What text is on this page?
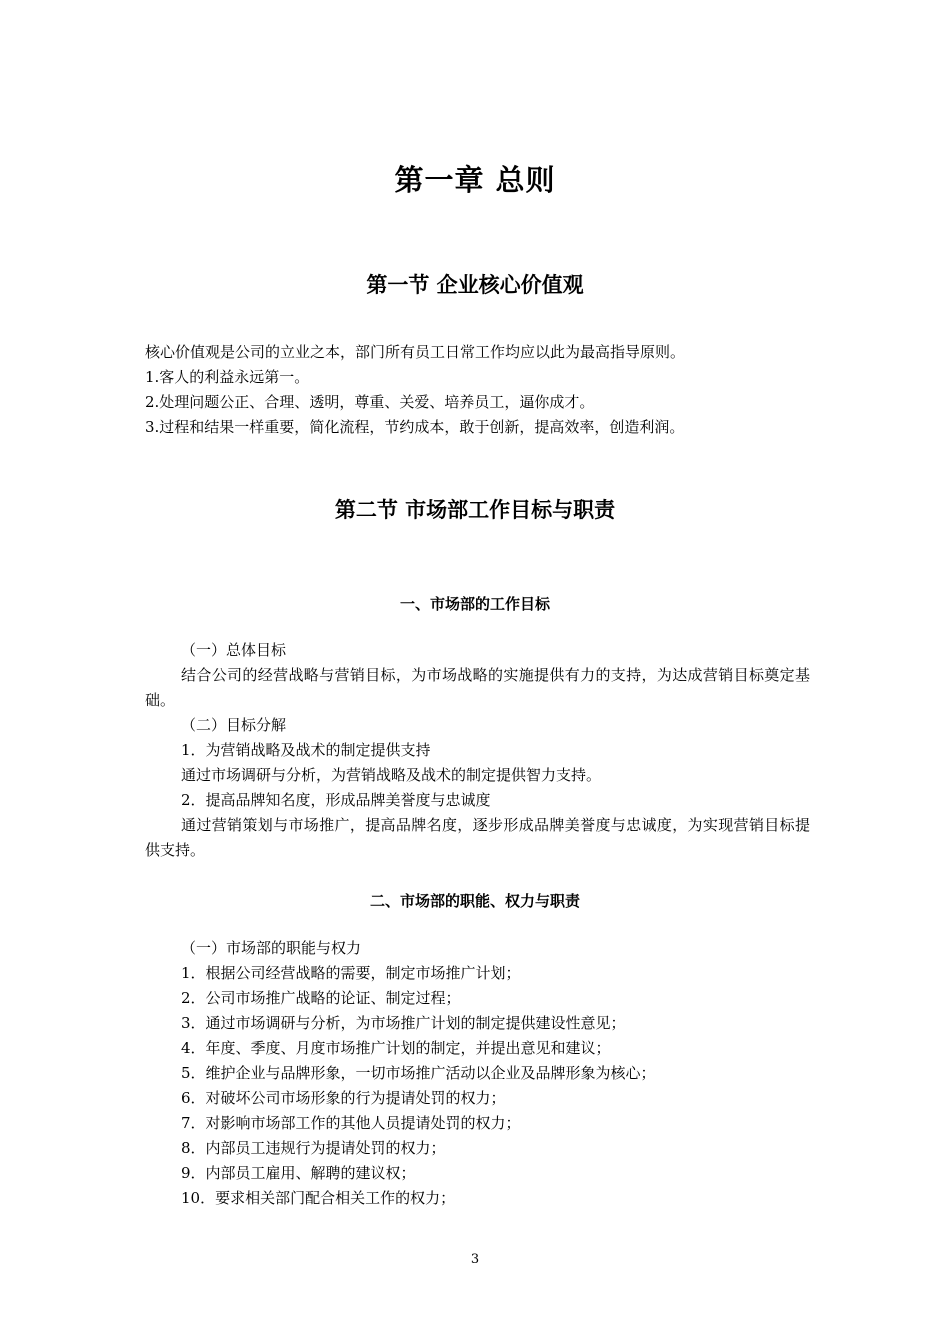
第一章 总则
第一节 企业核心价值观

核心价值观是公司的立业之本，部门所有员工日常工作均应以此为最高指导原则。

1.客人的利益永远第一。

2.处理问题公正、合理、透明，尊重、关爱、培养员工，逼你成才。

3.过程和结果一样重要，简化流程，节约成本，敢于创新，提高效率，创造利润。

第二节 市场部工作目标与职责
一、市场部的工作目标

（一）总体目标

结合公司的经营战略与营销目标，为市场战略的实施提供有力的支持，为达成营销目标奠定基础。

（二）目标分解

1．为营销战略及战术的制定提供支持

通过市场调研与分析，为营销战略及战术的制定提供智力支持。

2．提高品牌知名度，形成品牌美誉度与忠诚度

通过营销策划与市场推广，提高品牌名度，逐步形成品牌美誉度与忠诚度，为实现营销目标提供支持。

二、市场部的职能、权力与职责

（一）市场部的职能与权力

1．根据公司经营战略的需要，制定市场推广计划；

2．公司市场推广战略的论证、制定过程；

3．通过市场调研与分析，为市场推广计划的制定提供建设性意见；

4．年度、季度、月度市场推广计划的制定，并提出意见和建议；

5．维护企业与品牌形象，一切市场推广活动以企业及品牌形象为核心；

6．对破坏公司市场形象的行为提请处罚的权力；

7．对影响市场部工作的其他人员提请处罚的权力；

8．内部员工违规行为提请处罚的权力；

9．内部员工雇用、解聘的建议权；

10．要求相关部门配合相关工作的权力；

3
